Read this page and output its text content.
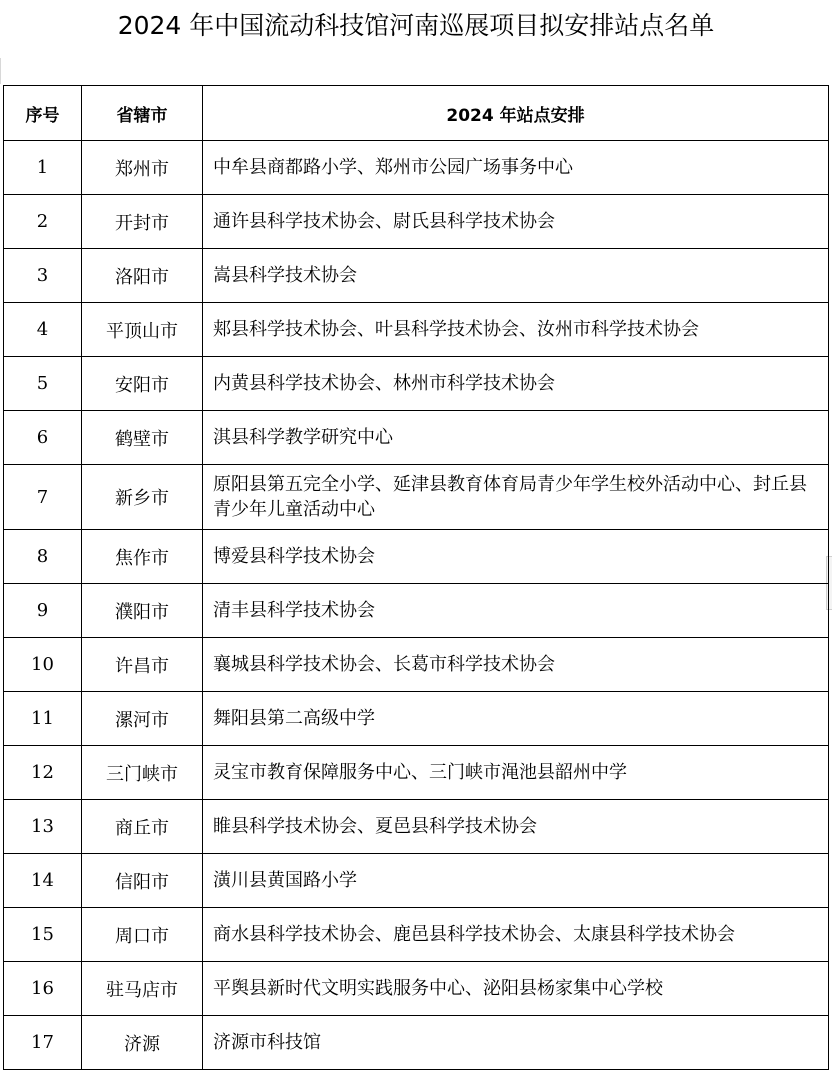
2024 年中国流动科技馆河南巡展项目拟安排站点名单
序号	省辖市	2024 年站点安排
1	郑州市	中牟县商都路小学、郑州市公园广场事务中心
2	开封市	通许县科学技术协会、尉氏县科学技术协会
3	洛阳市	嵩县科学技术协会
4	平顶山市	郏县科学技术协会、叶县科学技术协会、汝州市科学技术协会
5	安阳市	内黄县科学技术协会、林州市科学技术协会
6	鹤壁市	淇县科学教学研究中心
7	新乡市	原阳县第五完全小学、延津县教育体育局青少年学生校外活动中心、封丘县青少年儿童活动中心
8	焦作市	博爱县科学技术协会
9	濮阳市	清丰县科学技术协会
10	许昌市	襄城县科学技术协会、长葛市科学技术协会
11	漯河市	舞阳县第二高级中学
12	三门峡市	灵宝市教育保障服务中心、三门峡市渑池县韶州中学
13	商丘市	睢县科学技术协会、夏邑县科学技术协会
14	信阳市	潢川县黄国路小学
15	周口市	商水县科学技术协会、鹿邑县科学技术协会、太康县科学技术协会
16	驻马店市	平舆县新时代文明实践服务中心、泌阳县杨家集中心学校
17	济源	济源市科技馆
